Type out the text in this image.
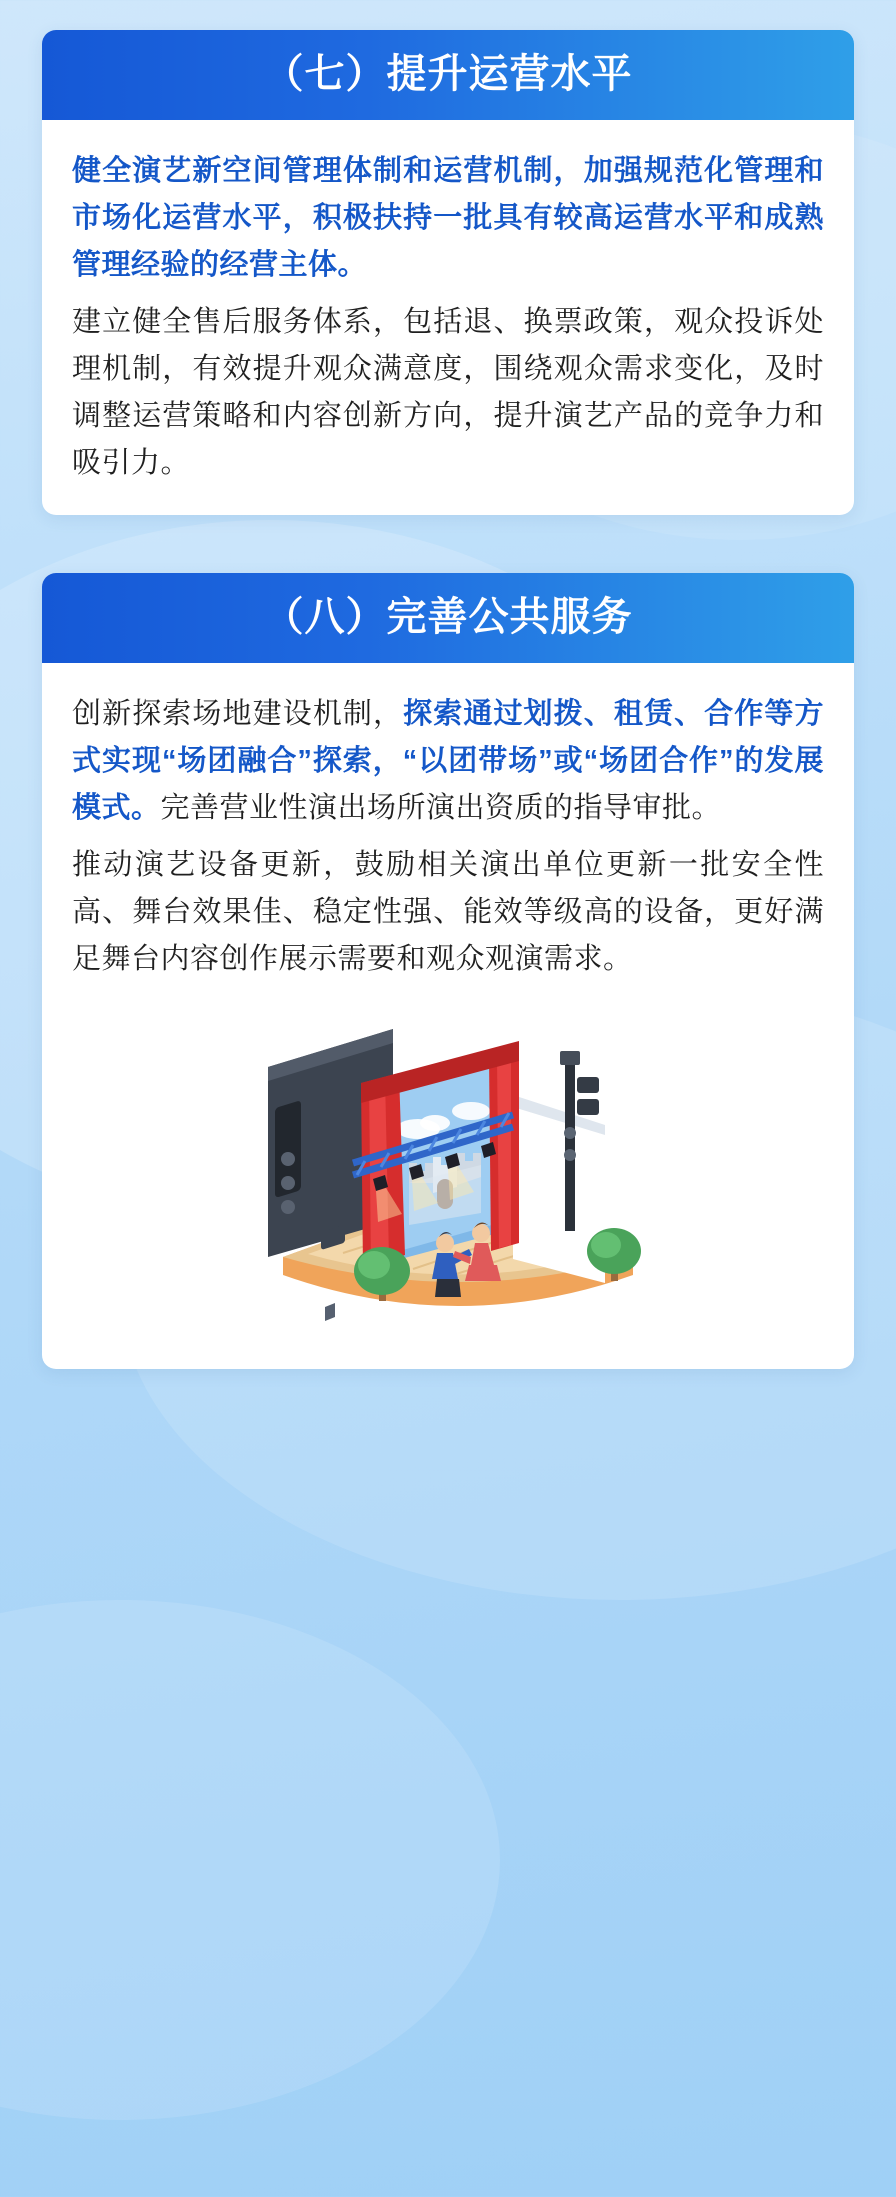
（七）提升运营水平

健全演艺新空间管理体制和运营机制，加强规范化管理和市场化运营水平，积极扶持一批具有较高运营水平和成熟管理经验的经营主体。

建立健全售后服务体系，包括退、换票政策，观众投诉处理机制，有效提升观众满意度，围绕观众需求变化，及时调整运营策略和内容创新方向，提升演艺产品的竞争力和吸引力。

（八）完善公共服务

创新探索场地建设机制，探索通过划拨、租赁、合作等方式实现“场团融合”探索，“以团带场”或“场团合作”的发展模式。完善营业性演出场所演出资质的指导审批。

推动演艺设备更新，鼓励相关演出单位更新一批安全性高、舞台效果佳、稳定性强、能效等级高的设备，更好满足舞台内容创作展示需要和观众观演需求。
